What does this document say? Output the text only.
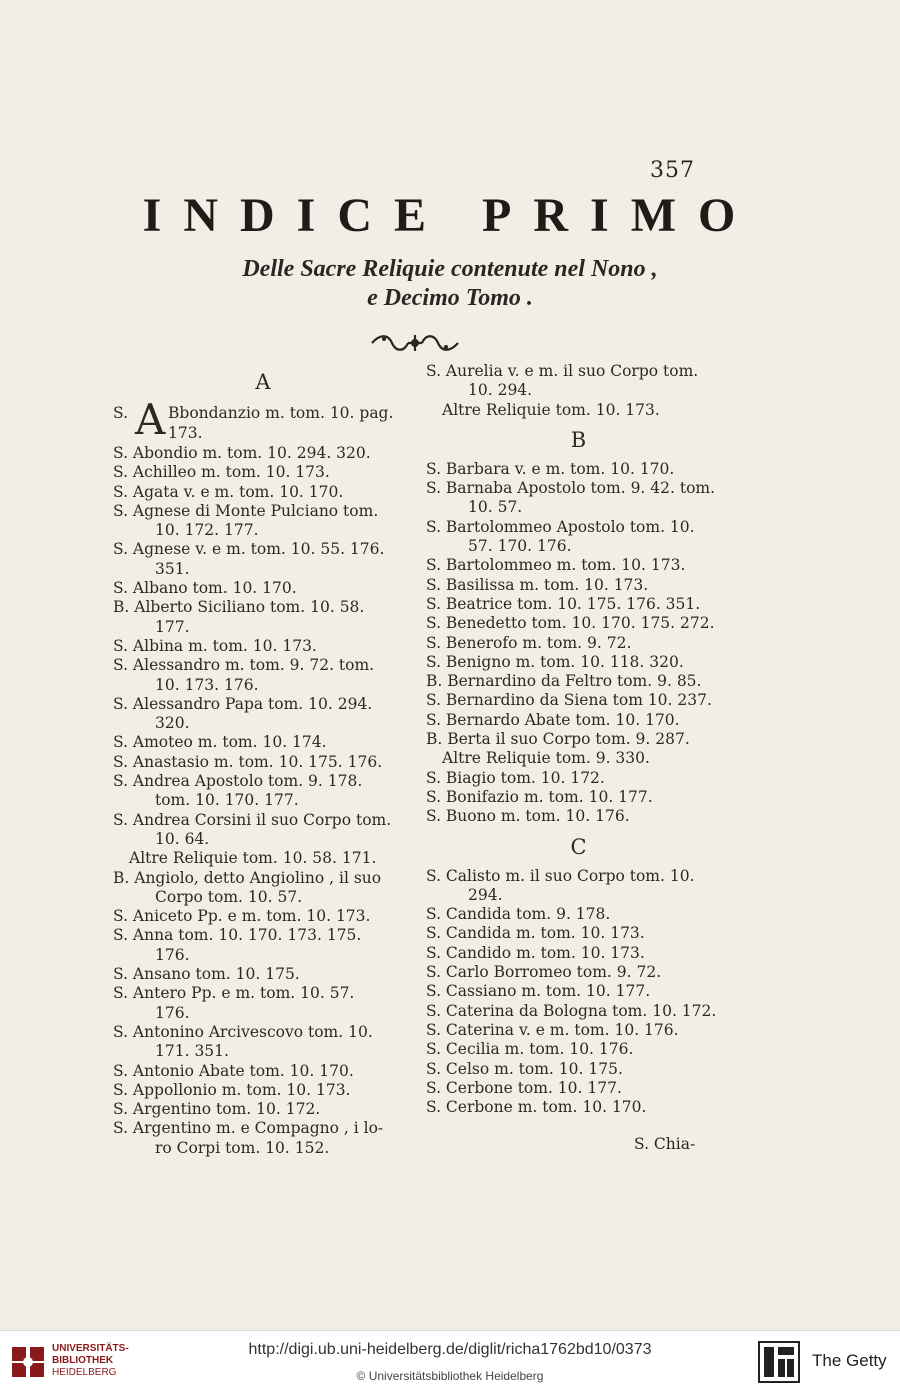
357
INDICE PRIMO
Delle Sacre Reliquie contenute nel Nono ,
e Decimo Tomo .
A
S. A Bbondanzio m. tom. 10. pag.
173.
S. Abondio m. tom. 10. 294. 320.
S. Achilleo m. tom. 10. 173.
S. Agata v. e m. tom. 10. 170.
S. Agnese di Monte Pulciano tom.
10. 172. 177.
S. Agnese v. e m. tom. 10. 55. 176.
351.
S. Albano tom. 10. 170.
B. Alberto Siciliano tom. 10. 58.
177.
S. Albina m. tom. 10. 173.
S. Alessandro m. tom. 9. 72. tom.
10. 173. 176.
S. Alessandro Papa tom. 10. 294.
320.
S. Amoteo m. tom. 10. 174.
S. Anastasio m. tom. 10. 175. 176.
S. Andrea Apostolo tom. 9. 178.
tom. 10. 170. 177.
S. Andrea Corsini il suo Corpo tom.
10. 64.
Altre Reliquie tom. 10. 58. 171.
B. Angiolo, detto Angiolino , il suo
Corpo tom. 10. 57.
S. Aniceto Pp. e m. tom. 10. 173.
S. Anna tom. 10. 170. 173. 175.
176.
S. Ansano tom. 10. 175.
S. Antero Pp. e m. tom. 10. 57.
176.
S. Antonino Arcivescovo tom. 10.
171. 351.
S. Antonio Abate tom. 10. 170.
S. Appollonio m. tom. 10. 173.
S. Argentino tom. 10. 172.
S. Argentino m. e Compagno , i lo-
ro Corpi tom. 10. 152.
S. Aurelia v. e m. il suo Corpo tom.
10. 294.
Altre Reliquie tom. 10. 173.
B
S. Barbara v. e m. tom. 10. 170.
S. Barnaba Apostolo tom. 9. 42. tom.
10. 57.
S. Bartolommeo Apostolo tom. 10.
57. 170. 176.
S. Bartolommeo m. tom. 10. 173.
S. Basilissa m. tom. 10. 173.
S. Beatrice tom. 10. 175. 176. 351.
S. Benedetto tom. 10. 170. 175. 272.
S. Benerofo m. tom. 9. 72.
S. Benigno m. tom. 10. 118. 320.
B. Bernardino da Feltro tom. 9. 85.
S. Bernardino da Siena tom 10. 237.
S. Bernardo Abate tom. 10. 170.
B. Berta il suo Corpo tom. 9. 287.
Altre Reliquie tom. 9. 330.
S. Biagio tom. 10. 172.
S. Bonifazio m. tom. 10. 177.
S. Buono m. tom. 10. 176.
C
S. Calisto m. il suo Corpo tom. 10.
294.
S. Candida tom. 9. 178.
S. Candida m. tom. 10. 173.
S. Candido m. tom. 10. 173.
S. Carlo Borromeo tom. 9. 72.
S. Cassiano m. tom. 10. 177.
S. Caterina da Bologna tom. 10. 172.
S. Caterina v. e m. tom. 10. 176.
S. Cecilia m. tom. 10. 176.
S. Celso m. tom. 10. 175.
S. Cerbone tom. 10. 177.
S. Cerbone m. tom. 10. 170.
S. Chia-
UNIVERSITÄTS-
BIBLIOTHEK
HEIDELBERG
http://digi.ub.uni-heidelberg.de/diglit/richa1762bd10/0373
© Universitätsbibliothek Heidelberg
The Getty
